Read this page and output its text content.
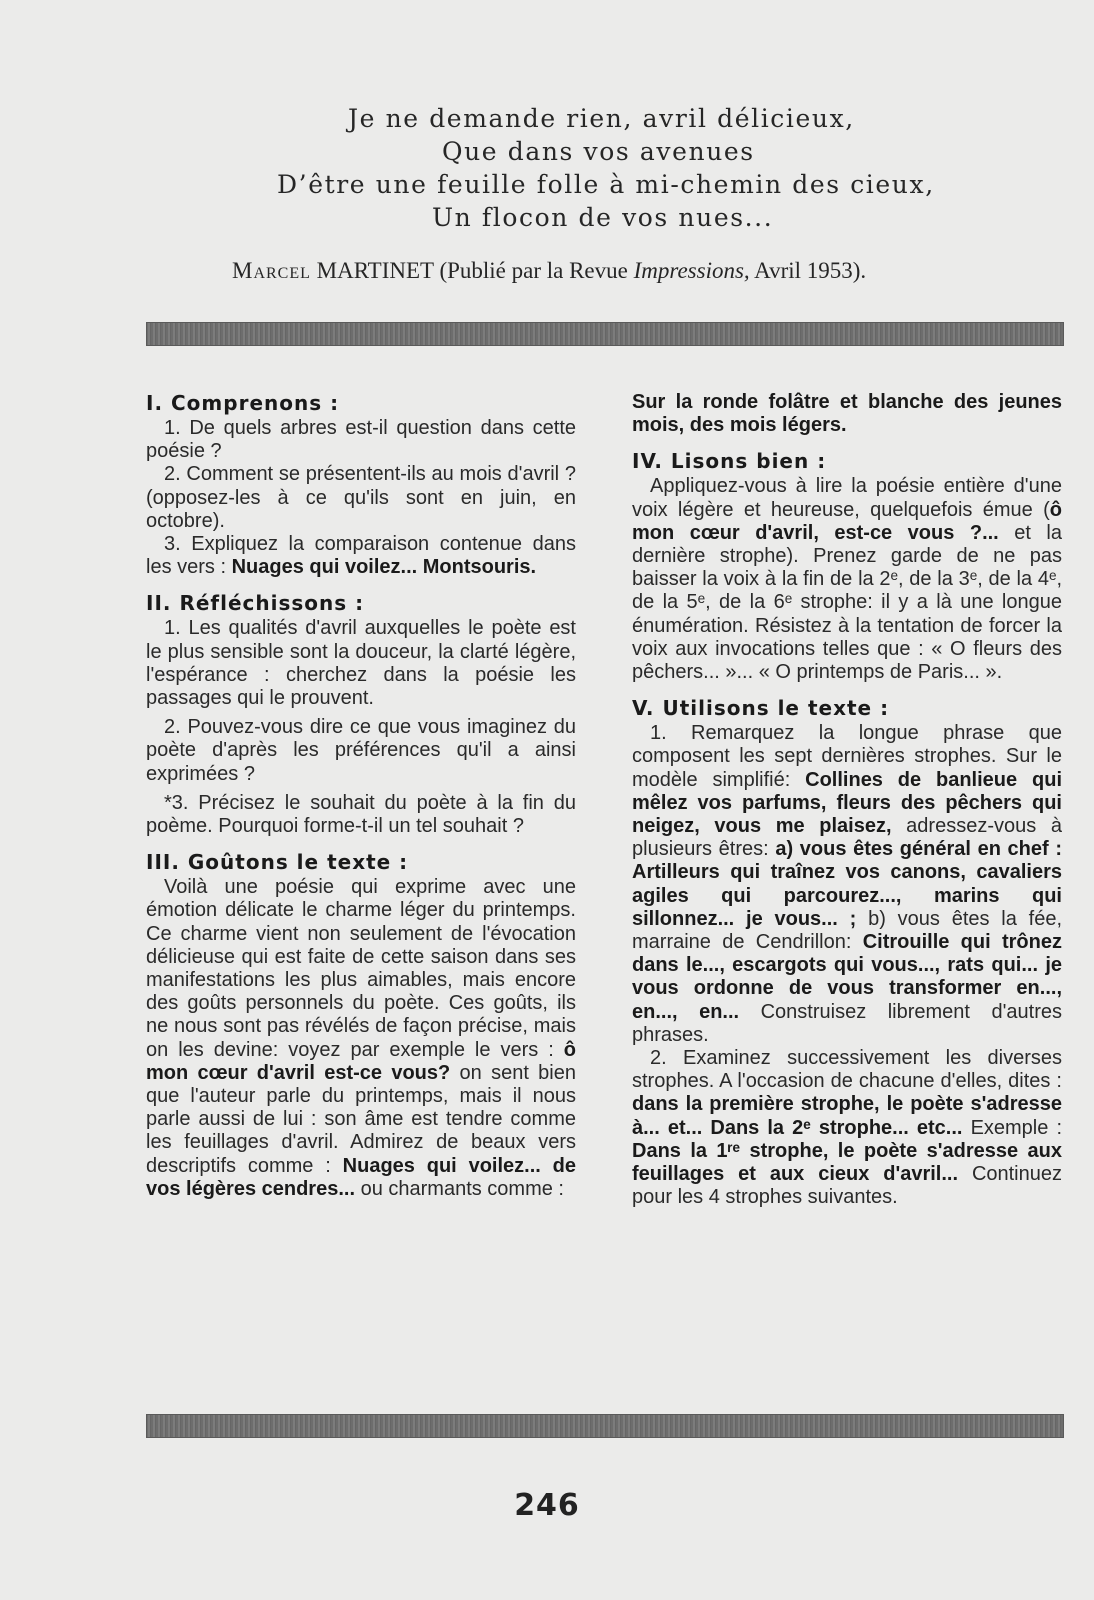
Je ne demande rien, avril délicieux,
Que dans vos avenues
D’être une feuille folle à mi-chemin des cieux,
Un flocon de vos nues...
Marcel MARTINET (Publié par la Revue Impressions, Avril 1953).
I. Comprenons :

1. De quels arbres est-il question dans cette poésie ?

2. Comment se présentent-ils au mois d'avril ? (opposez-les à ce qu'ils sont en juin, en octobre).

3. Expliquez la comparaison contenue dans les vers : Nuages qui voilez... Montsouris.

II. Réfléchissons :

1. Les qualités d'avril auxquelles le poète est le plus sensible sont la douceur, la clarté légère, l'espérance : cherchez dans la poésie les passages qui le prouvent.

2. Pouvez-vous dire ce que vous imaginez du poète d'après les préférences qu'il a ainsi exprimées ?

*3. Précisez le souhait du poète à la fin du poème. Pourquoi forme-t-il un tel souhait ?

III. Goûtons le texte :

Voilà une poésie qui exprime avec une émotion délicate le charme léger du printemps. Ce charme vient non seulement de l'évocation délicieuse qui est faite de cette saison dans ses manifestations les plus aimables, mais encore des goûts personnels du poète. Ces goûts, ils ne nous sont pas révélés de façon précise, mais on les devine: voyez par exemple le vers : ô mon cœur d'avril est-ce vous? on sent bien que l'auteur parle du printemps, mais il nous parle aussi de lui : son âme est tendre comme les feuillages d'avril. Admirez de beaux vers descriptifs comme : Nuages qui voilez... de vos légères cendres... ou charmants comme :

Sur la ronde folâtre et blanche des jeunes mois, des mois légers.

IV. Lisons bien :

Appliquez-vous à lire la poésie entière d'une voix légère et heureuse, quelquefois émue (ô mon cœur d'avril, est-ce vous ?... et la dernière strophe). Prenez garde de ne pas baisser la voix à la fin de la 2ᵉ, de la 3ᵉ, de la 4ᵉ, de la 5ᵉ, de la 6ᵉ strophe: il y a là une longue énumération. Résistez à la tentation de forcer la voix aux invocations telles que : « O fleurs des pêchers... »... « O printemps de Paris... ».

V. Utilisons le texte :

1. Remarquez la longue phrase que composent les sept dernières strophes. Sur le modèle simplifié: Collines de banlieue qui mêlez vos parfums, fleurs des pêchers qui neigez, vous me plaisez, adressez-vous à plusieurs êtres: a) vous êtes général en chef : Artilleurs qui traînez vos canons, cavaliers agiles qui parcourez..., marins qui sillonnez... je vous... ; b) vous êtes la fée, marraine de Cendrillon: Citrouille qui trônez dans le..., escargots qui vous..., rats qui... je vous ordonne de vous transformer en..., en..., en... Construisez librement d'autres phrases.

2. Examinez successivement les diverses strophes. A l'occasion de chacune d'elles, dites : dans la première strophe, le poète s'adresse à... et... Dans la 2ᵉ strophe... etc... Exemple : Dans la 1ʳᵉ strophe, le poète s'adresse aux feuillages et aux cieux d'avril... Continuez pour les 4 strophes suivantes.

246
